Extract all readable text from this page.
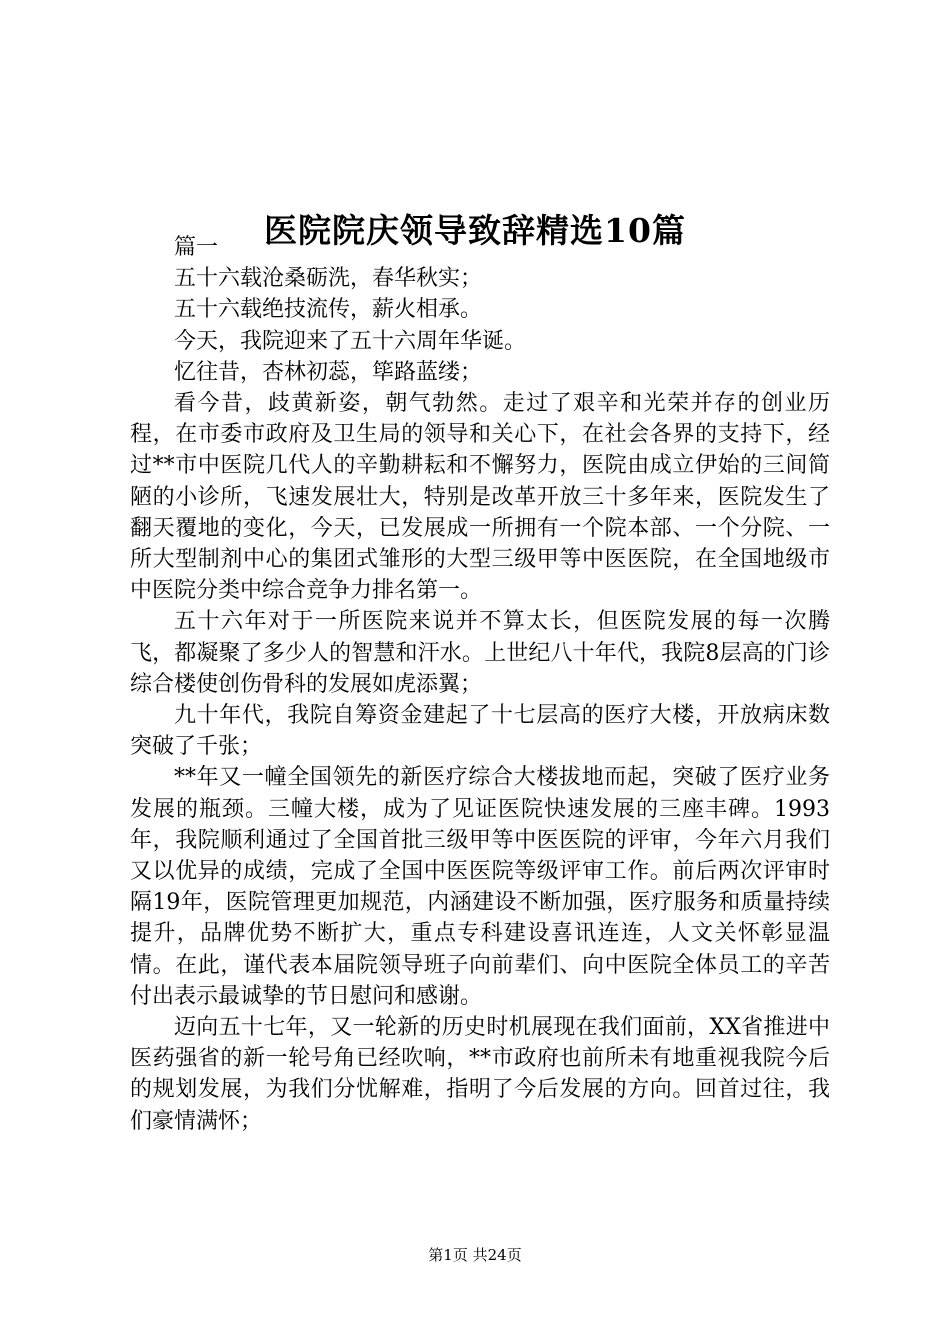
医院院庆领导致辞精选10篇

篇一

五十六载沧桑砺洗，春华秋实；

五十六载绝技流传，薪火相承。

今天，我院迎来了五十六周年华诞。

忆往昔，杏林初蕊，筚路蓝缕；

看今昔，歧黄新姿，朝气勃然。走过了艰辛和光荣并存的创业历程，在市委市政府及卫生局的领导和关心下，在社会各界的支持下，经过**市中医院几代人的辛勤耕耘和不懈努力，医院由成立伊始的三间简陋的小诊所，飞速发展壮大，特别是改革开放三十多年来，医院发生了翻天覆地的变化，今天，已发展成一所拥有一个院本部、一个分院、一所大型制剂中心的集团式雏形的大型三级甲等中医医院，在全国地级市中医院分类中综合竞争力排名第一。

五十六年对于一所医院来说并不算太长，但医院发展的每一次腾飞，都凝聚了多少人的智慧和汗水。上世纪八十年代，我院8层高的门诊综合楼使创伤骨科的发展如虎添翼；

九十年代，我院自筹资金建起了十七层高的医疗大楼，开放病床数突破了千张；

**年又一幢全国领先的新医疗综合大楼拔地而起，突破了医疗业务发展的瓶颈。三幢大楼，成为了见证医院快速发展的三座丰碑。1993年，我院顺利通过了全国首批三级甲等中医医院的评审，今年六月我们又以优异的成绩，完成了全国中医医院等级评审工作。前后两次评审时隔19年，医院管理更加规范，内涵建设不断加强，医疗服务和质量持续提升，品牌优势不断扩大，重点专科建设喜讯连连，人文关怀彰显温情。在此，谨代表本届院领导班子向前辈们、向中医院全体员工的辛苦付出表示最诚挚的节日慰问和感谢。

迈向五十七年，又一轮新的历史时机展现在我们面前，XX省推进中医药强省的新一轮号角已经吹响，**市政府也前所未有地重视我院今后的规划发展，为我们分忧解难，指明了今后发展的方向。回首过往，我们豪情满怀；

第1页 共24页
